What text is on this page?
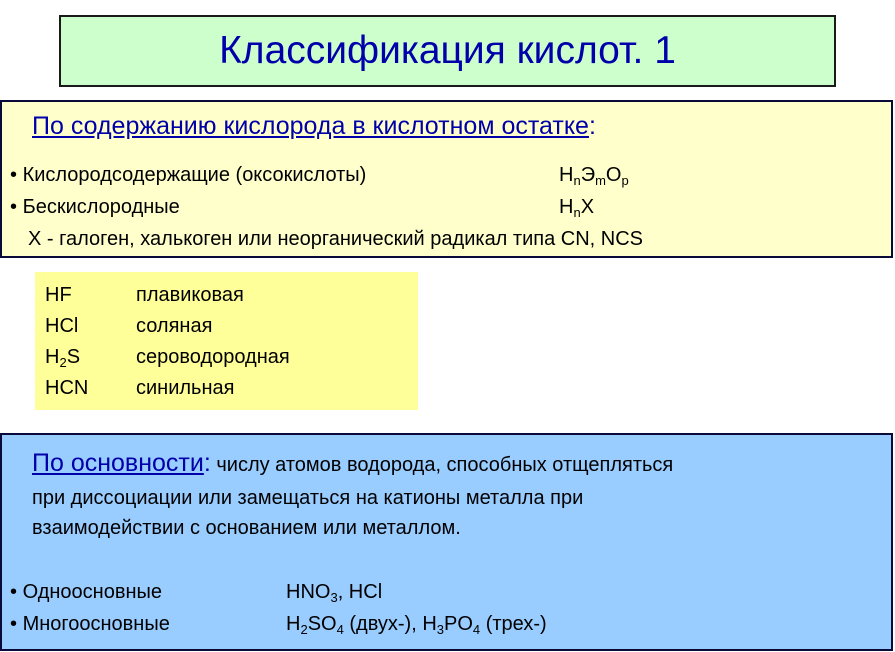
Классификация кислот. 1
По содержанию кислорода в кислотном остатке:
• Кислородсодержащие (оксокислоты)	$H_nЭ_mO_p$
• Бескислородные	$H_nX$
X - галоген, халькоген или неорганический радикал типа CN, NCS
HF	плавиковая
HCl	соляная
$H_2S$	сероводородная
HCN синильная
По основности: числу атомов водорода, способных отщепляться
при диссоциации или замещаться на катионы металла при
взаимодействии с основанием или металлом.
• Одноосновные	$HNO_3$, HCl
• Многоосновные	$H_2SO_4$ (двух-), $H_3PO_4$ (трех-)
